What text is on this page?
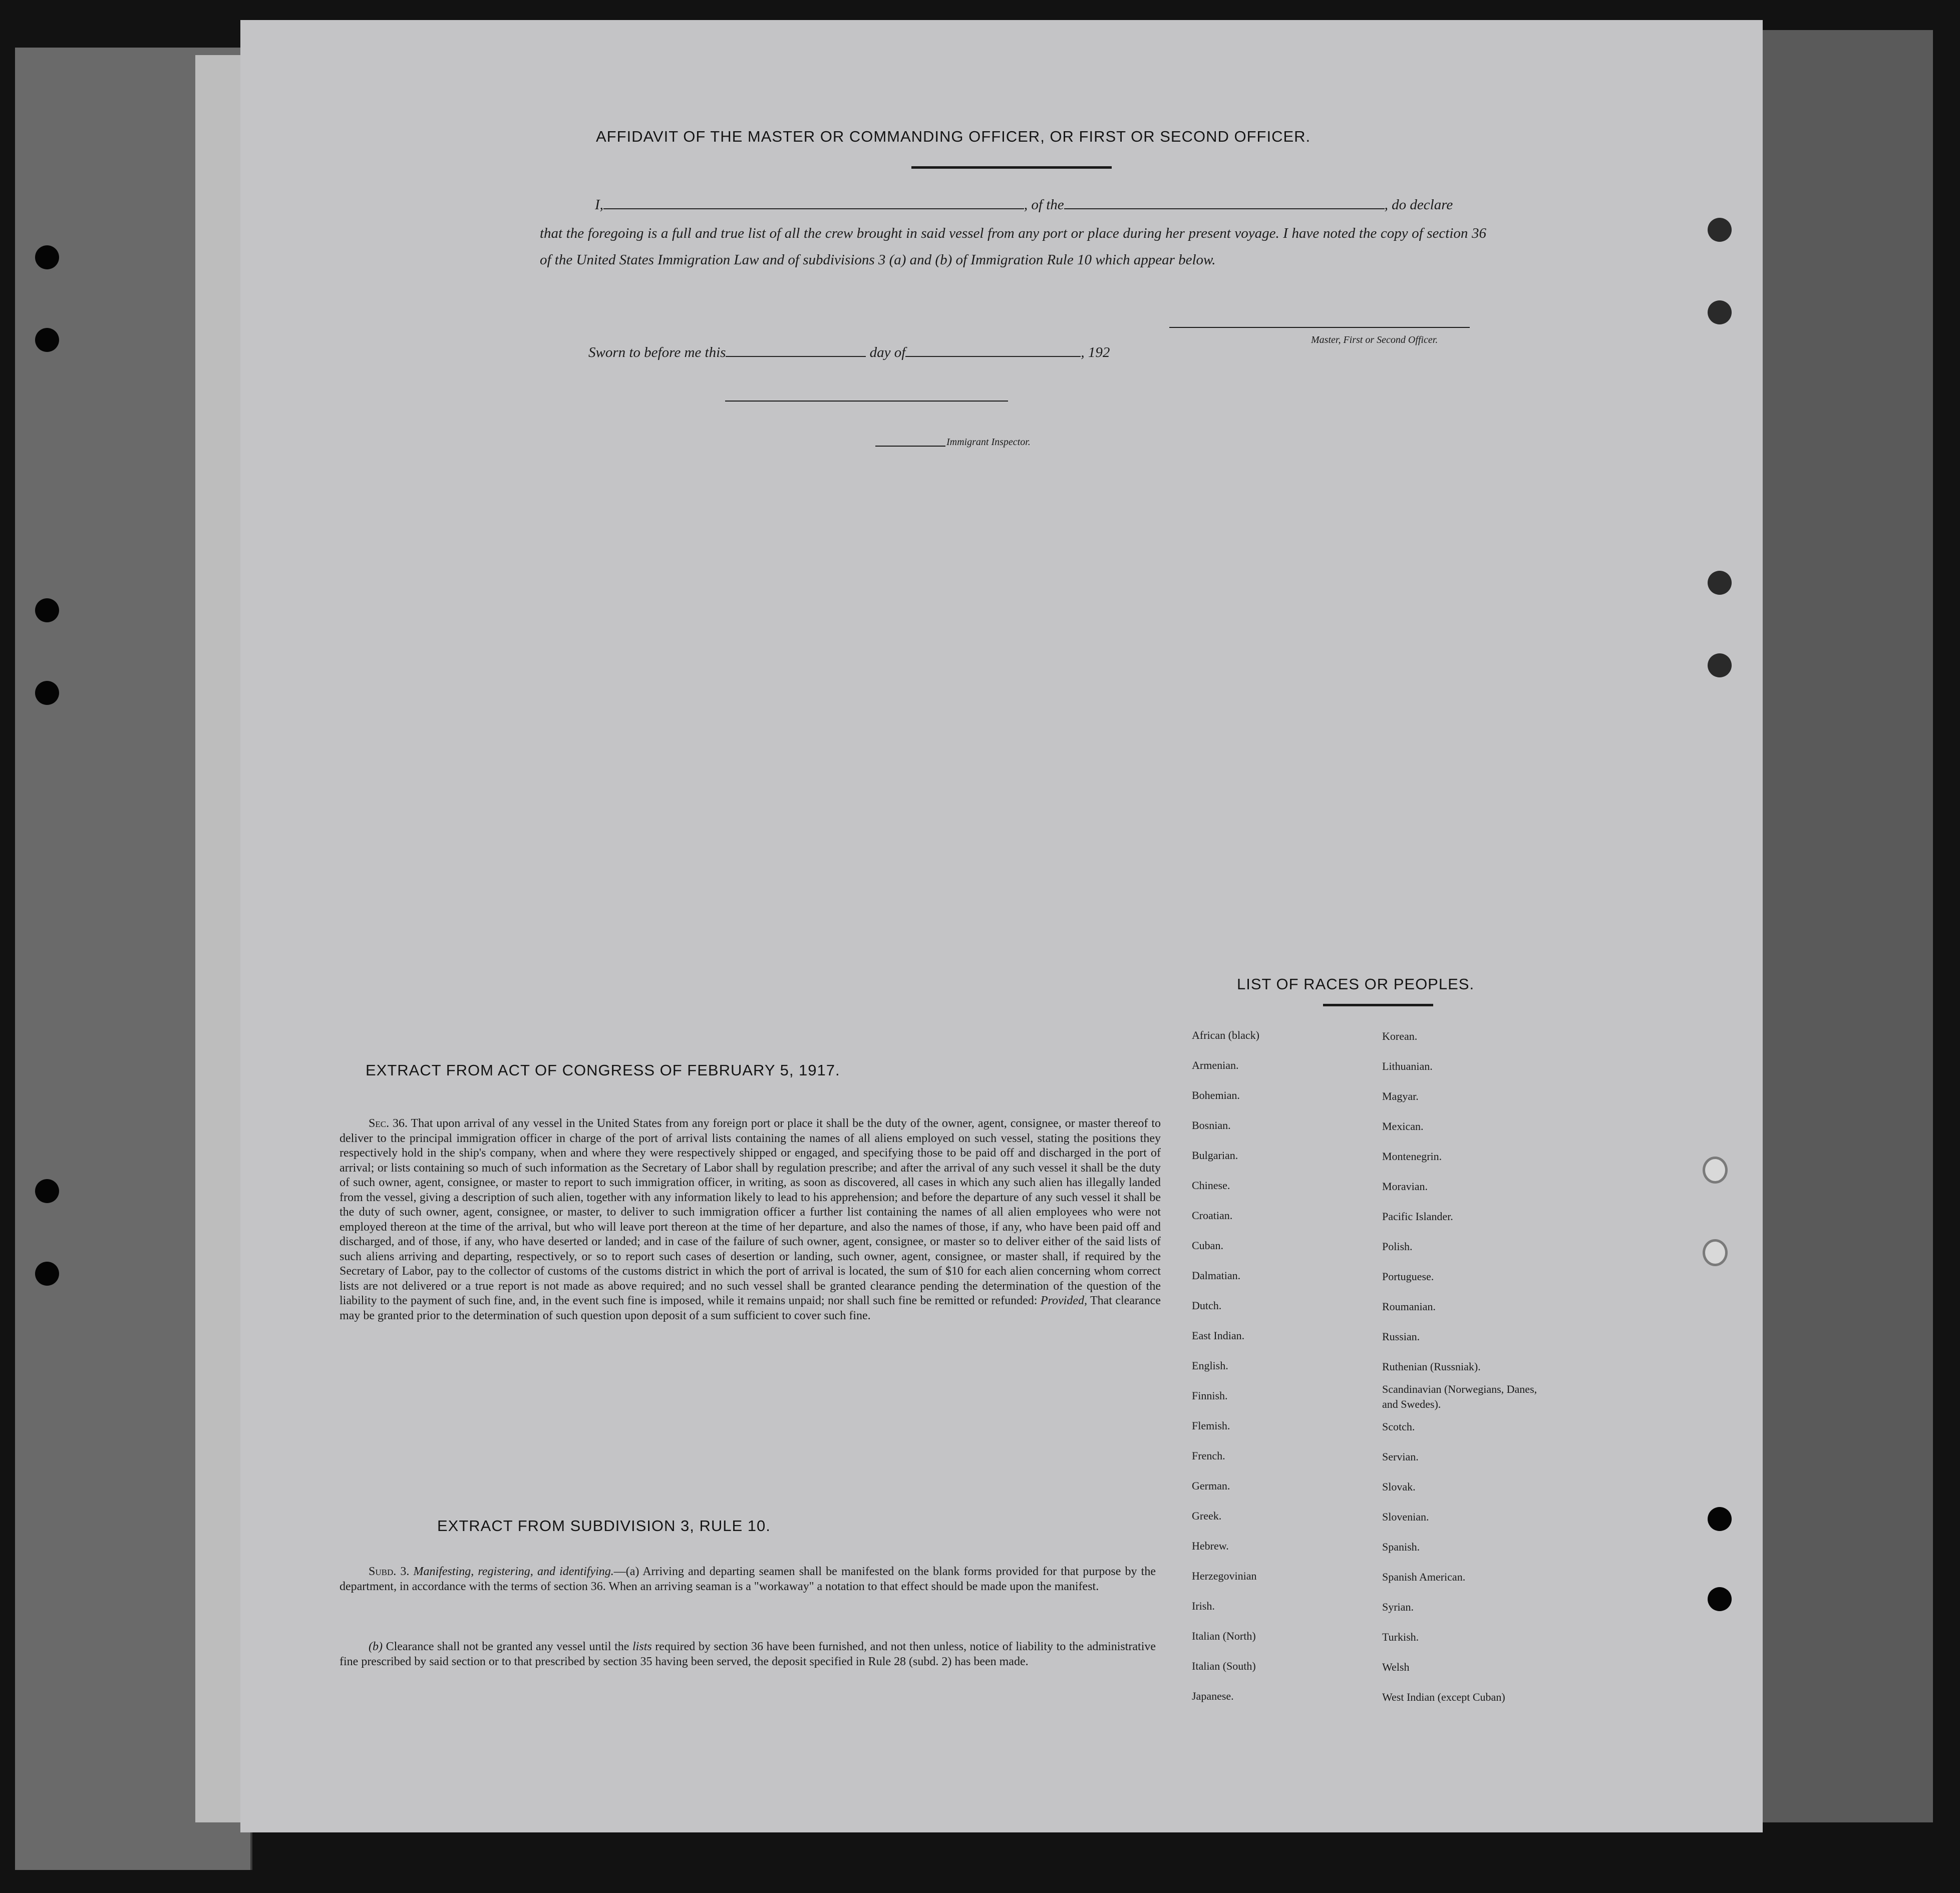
AFFIDAVIT OF THE MASTER OR COMMANDING OFFICER, OR FIRST OR SECOND OFFICER.
I,	, of the	, do declare
that the foregoing is a full and true list of all the crew brought in said vessel from any port or place during her present voyage. I have noted the copy of section 36 of the United States Immigration Law and of subdivisions 3 (a) and (b) of Immigration Rule 10 which appear below.
Master, First or Second Officer.
Sworn to before me this	day of	, 192
Immigrant Inspector.
EXTRACT FROM ACT OF CONGRESS OF FEBRUARY 5, 1917.
Sec. 36. That upon arrival of any vessel in the United States from any foreign port or place it shall be the duty of the owner, agent, consignee, or master thereof to deliver to the principal immigration officer in charge of the port of arrival lists containing the names of all aliens employed on such vessel, stating the positions they respectively hold in the ship's company, when and where they were respectively shipped or engaged, and specifying those to be paid off and discharged in the port of arrival; or lists containing so much of such information as the Secretary of Labor shall by regulation prescribe; and after the arrival of any such vessel it shall be the duty of such owner, agent, consignee, or master to report to such immigration officer, in writing, as soon as discovered, all cases in which any such alien has illegally landed from the vessel, giving a description of such alien, together with any information likely to lead to his apprehension; and before the departure of any such vessel it shall be the duty of such owner, agent, consignee, or master, to deliver to such immigration officer a further list containing the names of all alien employees who were not employed thereon at the time of the arrival, but who will leave port thereon at the time of her departure, and also the names of those, if any, who have been paid off and discharged, and of those, if any, who have deserted or landed; and in case of the failure of such owner, agent, consignee, or master so to deliver either of the said lists of such aliens arriving and departing, respectively, or so to report such cases of desertion or landing, such owner, agent, consignee, or master shall, if required by the Secretary of Labor, pay to the collector of customs of the customs district in which the port of arrival is located, the sum of $10 for each alien concerning whom correct lists are not delivered or a true report is not made as above required; and no such vessel shall be granted clearance pending the determination of the question of the liability to the payment of such fine, and, in the event such fine is imposed, while it remains unpaid; nor shall such fine be remitted or refunded: Provided, That clearance may be granted prior to the determination of such question upon deposit of a sum sufficient to cover such fine.
EXTRACT FROM SUBDIVISION 3, RULE 10.
Subd. 3. Manifesting, registering, and identifying.—(a) Arriving and departing seamen shall be manifested on the blank forms provided for that purpose by the department, in accordance with the terms of section 36. When an arriving seaman is a "workaway" a notation to that effect should be made upon the manifest.
(b) Clearance shall not be granted any vessel until the lists required by section 36 have been furnished, and not then unless, notice of liability to the administrative fine prescribed by said section or to that prescribed by section 35 having been served, the deposit specified in Rule 28 (subd. 2) has been made.
LIST OF RACES OR PEOPLES.
African (black)
Armenian.
Bohemian.
Bosnian.
Bulgarian.
Chinese.
Croatian.
Cuban.
Dalmatian.
Dutch.
East Indian.
English.
Finnish.
Flemish.
French.
German.
Greek.
Hebrew.
Herzegovinian
Irish.
Italian (North)
Italian (South)
Japanese.
Korean.
Lithuanian.
Magyar.
Mexican.
Montenegrin.
Moravian.
Pacific Islander.
Polish.
Portuguese.
Roumanian.
Russian.
Ruthenian (Russniak).
Scandinavian (Norwegians, Danes, and Swedes).
Scotch.
Servian.
Slovak.
Slovenian.
Spanish.
Spanish American.
Syrian.
Turkish.
Welsh
West Indian (except Cuban)
